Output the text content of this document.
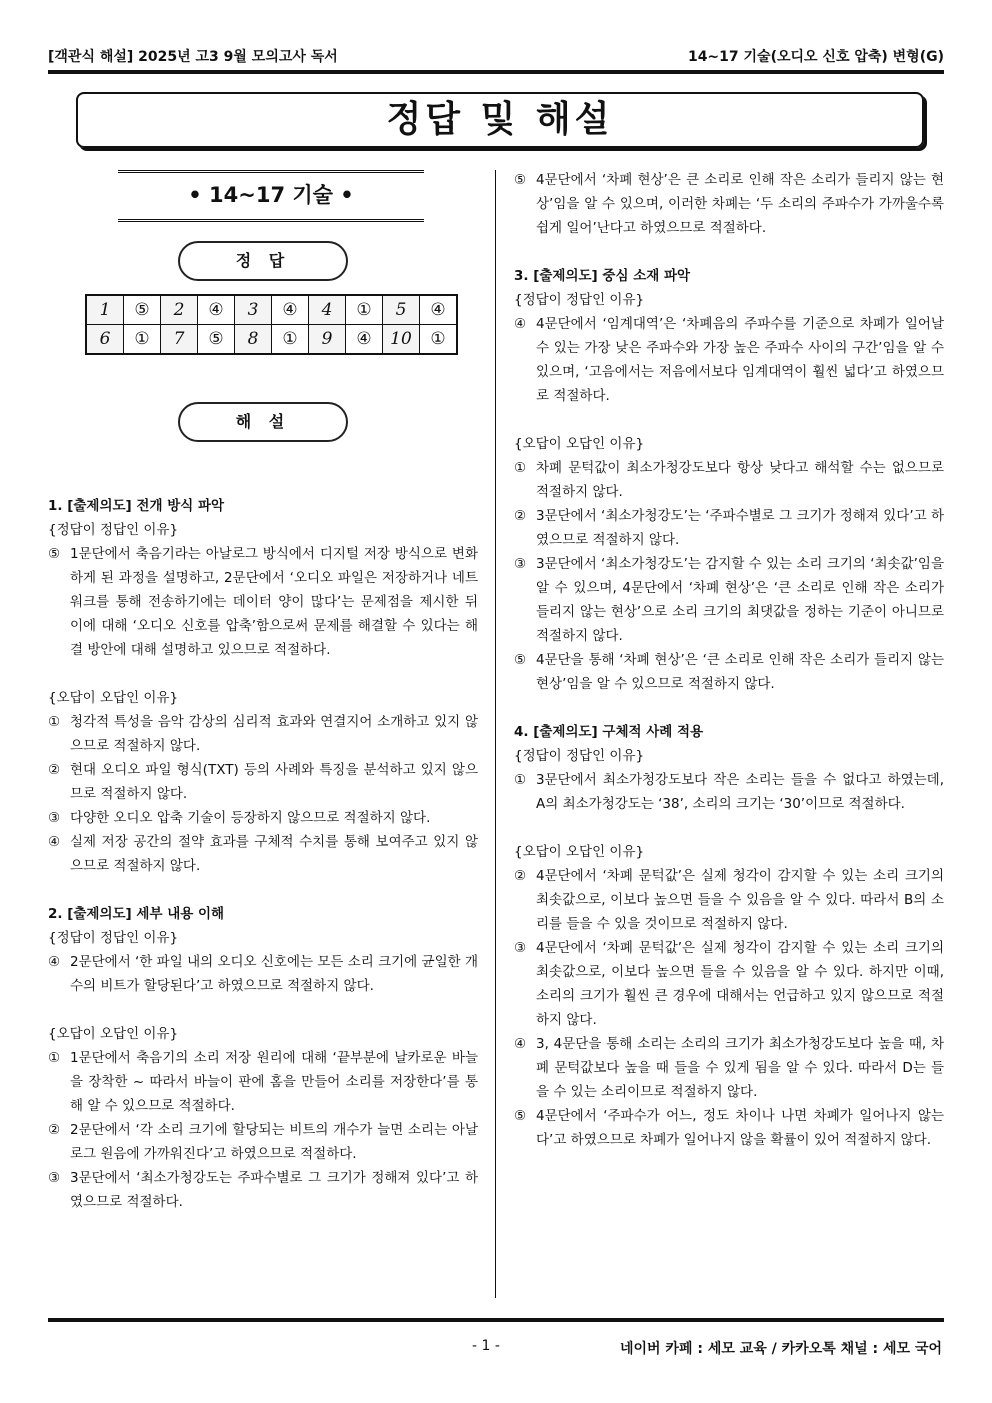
[객관식 해설] 2025년 고3 9월 모의고사 독서	14~17 기술(오디오 신호 압축) 변형(G)
정답 및 해설
• 14~17 기술 •
정 답
1	⑤	2	④	3	④	4	①	5	④
6	①	7	⑤	8	①	9	④	10	①
해 설
1. [출제의도] 전개 방식 파악
{정답이 정답인 이유}
⑤ 1문단에서 축음기라는 아날로그 방식에서 디지털 저장 방식으로 변화하게 된 과정을 설명하고, 2문단에서 ‘오디오 파일은 저장하거나 네트워크를 통해 전송하기에는 데이터 양이 많다’는 문제점을 제시한 뒤 이에 대해 ‘오디오 신호를 압축’함으로써 문제를 해결할 수 있다는 해결 방안에 대해 설명하고 있으므로 적절하다.
{오답이 오답인 이유}
① 청각적 특성을 음악 감상의 심리적 효과와 연결지어 소개하고 있지 않으므로 적절하지 않다.
② 현대 오디오 파일 형식(TXT) 등의 사례와 특징을 분석하고 있지 않으므로 적절하지 않다.
③ 다양한 오디오 압축 기술이 등장하지 않으므로 적절하지 않다.
④ 실제 저장 공간의 절약 효과를 구체적 수치를 통해 보여주고 있지 않으므로 적절하지 않다.
2. [출제의도] 세부 내용 이해
{정답이 정답인 이유}
④ 2문단에서 ‘한 파일 내의 오디오 신호에는 모든 소리 크기에 균일한 개수의 비트가 할당된다’고 하였으므로 적절하지 않다.
{오답이 오답인 이유}
① 1문단에서 축음기의 소리 저장 원리에 대해 ‘끝부분에 날카로운 바늘을 장착한 ~ 따라서 바늘이 판에 홈을 만들어 소리를 저장한다’를 통해 알 수 있으므로 적절하다.
② 2문단에서 ‘각 소리 크기에 할당되는 비트의 개수가 늘면 소리는 아날로그 원음에 가까워진다’고 하였으므로 적절하다.
③ 3문단에서 ‘최소가청강도는 주파수별로 그 크기가 정해져 있다’고 하였으므로 적절하다.
⑤ 4문단에서 ‘차폐 현상’은 큰 소리로 인해 작은 소리가 들리지 않는 현상’임을 알 수 있으며, 이러한 차폐는 ‘두 소리의 주파수가 가까울수록 쉽게 일어’난다고 하였으므로 적절하다.
3. [출제의도] 중심 소재 파악
{정답이 정답인 이유}
④ 4문단에서 ‘임계대역’은 ‘차폐음의 주파수를 기준으로 차폐가 일어날 수 있는 가장 낮은 주파수와 가장 높은 주파수 사이의 구간’임을 알 수 있으며, ‘고음에서는 저음에서보다 임계대역이 훨씬 넓다’고 하였으므로 적절하다.
{오답이 오답인 이유}
① 차폐 문턱값이 최소가청강도보다 항상 낮다고 해석할 수는 없으므로 적절하지 않다.
② 3문단에서 ‘최소가청강도’는 ‘주파수별로 그 크기가 정해져 있다’고 하였으므로 적절하지 않다.
③ 3문단에서 ‘최소가청강도’는 감지할 수 있는 소리 크기의 ‘최솟값’임을 알 수 있으며, 4문단에서 ‘차폐 현상’은 ‘큰 소리로 인해 작은 소리가 들리지 않는 현상’으로 소리 크기의 최댓값을 정하는 기준이 아니므로 적절하지 않다.
⑤ 4문단을 통해 ‘차폐 현상’은 ‘큰 소리로 인해 작은 소리가 들리지 않는 현상’임을 알 수 있으므로 적절하지 않다.
4. [출제의도] 구체적 사례 적용
{정답이 정답인 이유}
① 3문단에서 최소가청강도보다 작은 소리는 들을 수 없다고 하였는데, A의 최소가청강도는 ‘38’, 소리의 크기는 ‘30’이므로 적절하다.
{오답이 오답인 이유}
② 4문단에서 ‘차폐 문턱값’은 실제 청각이 감지할 수 있는 소리 크기의 최솟값으로, 이보다 높으면 들을 수 있음을 알 수 있다. 따라서 B의 소리를 들을 수 있을 것이므로 적절하지 않다.
③ 4문단에서 ‘차폐 문턱값’은 실제 청각이 감지할 수 있는 소리 크기의 최솟값으로, 이보다 높으면 들을 수 있음을 알 수 있다. 하지만 이때, 소리의 크기가 훨씬 큰 경우에 대해서는 언급하고 있지 않으므로 적절하지 않다.
④ 3, 4문단을 통해 소리는 소리의 크기가 최소가청강도보다 높을 때, 차폐 문턱값보다 높을 때 들을 수 있게 됨을 알 수 있다. 따라서 D는 들을 수 있는 소리이므로 적절하지 않다.
⑤ 4문단에서 ‘주파수가 어느, 정도 차이나 나면 차폐가 일어나지 않는다’고 하였으므로 차폐가 일어나지 않을 확률이 있어 적절하지 않다.
- 1 -	네이버 카페 : 세모 교육 / 카카오톡 채널 : 세모 국어
